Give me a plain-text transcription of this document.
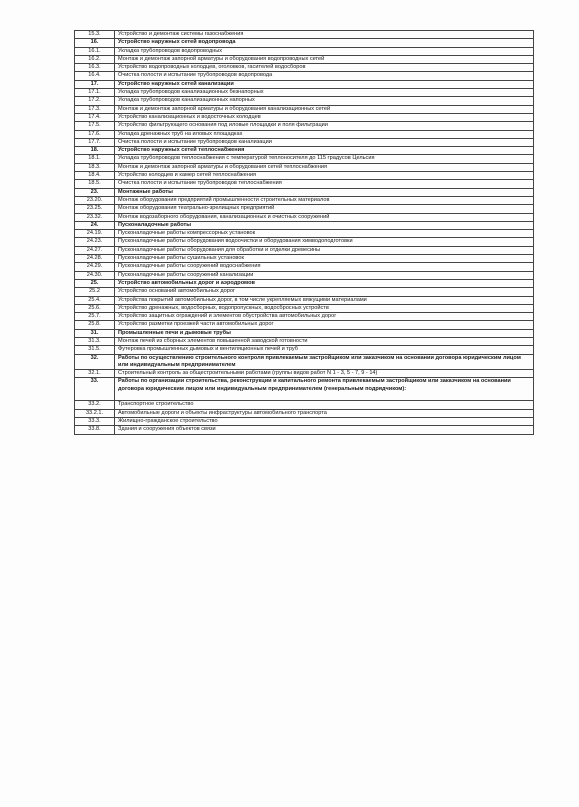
15.3.	Устройство и демонтаж системы газоснабжения
16.	Устройство наружных сетей водопровода
16.1.	Укладка трубопроводов водопроводных
16.2.	Монтаж и демонтаж запорной арматуры и оборудования водопроводных сетей
16.3.	Устройство водопроводных колодцев, оголовков, гасителей водосборов
16.4.	Очистка полости и испытание трубопроводов водопровода
17.	Устройство наружных сетей канализации
17.1.	Укладка трубопроводов канализационных безнапорных
17.2.	Укладка трубопроводов канализационных напорных
17.3.	Монтаж и демонтаж запорной арматуры и оборудования канализационных сетей
17.4.	Устройство канализационных и водосточных колодцев
17.5.	Устройство фильтрующего основания под иловые площадки и поля фильтрации
17.6.	Укладка дренажных труб на иловых площадках
17.7.	Очистка полости и испытание трубопроводов канализации
18.	Устройство наружных сетей теплоснабжения
18.1.	Укладка трубопроводов теплоснабжения с температурой теплоносителя до 115 градусов Цельсия
18.3.	Монтаж и демонтаж запорной арматуры и оборудования сетей теплоснабжения
18.4.	Устройство колодцев и камер сетей теплоснабжения
18.5.	Очистка полости и испытание трубопроводов теплоснабжения
23.	Монтажные работы
23.20.	Монтаж оборудования предприятий промышленности строительных материалов
23.25.	Монтаж оборудования театрально-зрелищных предприятий
23.32.	Монтаж водозаборного оборудования, канализационных и очистных сооружений
24.	Пусконаладочные работы
24.19.	Пусконаладочные работы компрессорных установок
24.23.	Пусконаладочные работы оборудования водоочистки и оборудования химводоподготовки
24.27.	Пусконаладочные работы оборудования для обработки и отделки древесины
24.28.	Пусконаладочные работы сушильных установок
24.29.	Пусконаладочные работы сооружений водоснабжения
24.30.	Пусконаладочные работы сооружений канализации
25.	Устройство автомобильных дорог и аэродромов
25.2	Устройство оснований автомобильных дорог
25.4.	Устройства покрытий автомобильных дорог, в том числе укрепляемых вяжущими материалами
25.6.	Устройство дренажных, водосборных, водопропускных, водосбросных устройств
25.7.	Устройство защитных ограждений и элементов обустройства автомобильных дорог
25.8.	Устройство разметки проезжей части автомобильных дорог
31.	Промышленные печи и дымовые трубы
31.3.	Монтаж печей из сборных элементов повышенной заводской готовности
31.5.	Футеровка промышленных дымовых и вентиляционных печей и труб
32.	Работы по осуществлению строительного контроля привлекаемым застройщиком или заказчиком на основании договора юридическим лицом или индивидуальным предпринимателем
32.1.	Строительный контроль за общестроительными работами (группы видов работ N 1 - 3, 5 - 7, 9 - 14)
33.	Работы по организации строительства, реконструкции и капитального ремонта привлекаемым застройщиком или заказчиком на основании договора юридическим лицом или индивидуальным предпринимателем (генеральным подрядчиком):
33.2.	Транспортное строительство
33.2.1.	Автомобильные дороги и объекты инфраструктуры автомобильного транспорта
33.3.	Жилищно-гражданское строительство
33.8.	Здания и сооружения объектов связи
